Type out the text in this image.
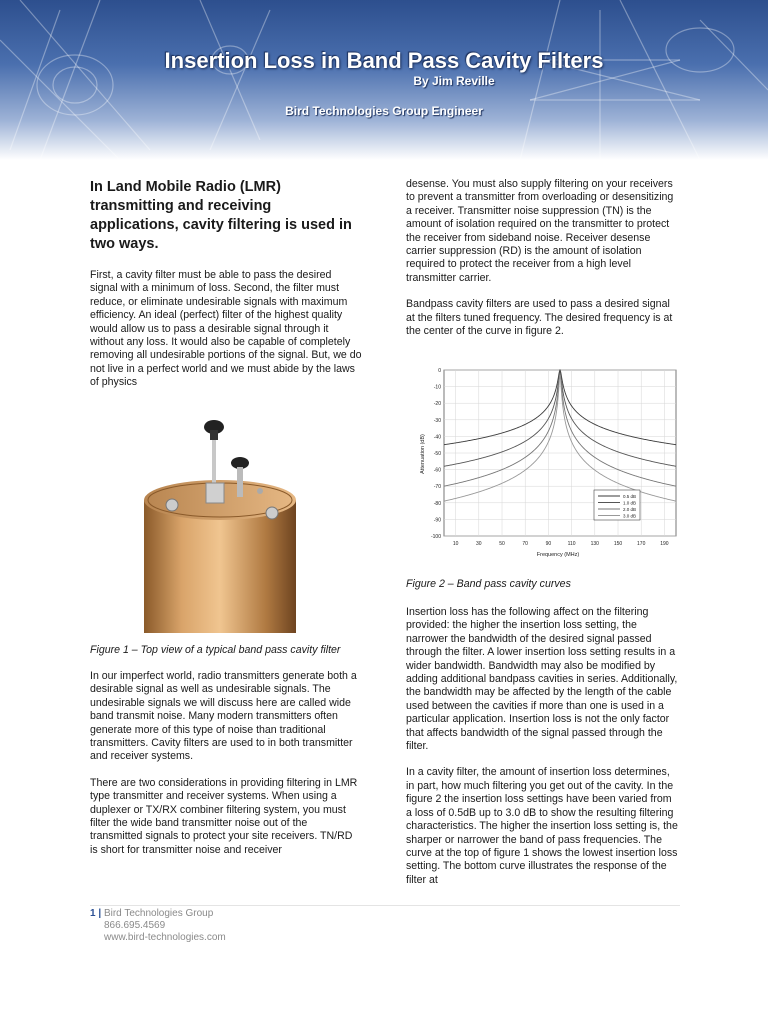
Insertion Loss in Band Pass Cavity Filters
By Jim Reville
Bird Technologies Group Engineer

In Land Mobile Radio (LMR) transmitting and receiving applications, cavity filtering is used in two ways.

First, a cavity filter must be able to pass the desired signal with a minimum of loss. Second, the filter must reduce, or eliminate undesirable signals with maximum efficiency. An ideal (perfect) filter of the highest quality would allow us to pass a desirable signal through it without any loss. It would also be capable of completely removing all undesirable portions of the signal. But, we do not live in a perfect world and we must abide by the laws of physics

Figure 1 – Top view of a typical band pass cavity filter

In our imperfect world, radio transmitters generate both a desirable signal as well as undesirable signals. The undesirable signals we will discuss here are called wide band transmit noise. Many modern transmitters often generate more of this type of noise than traditional transmitters. Cavity filters are used to in both transmitter and receiver systems.

There are two considerations in providing filtering in LMR type transmitter and receiver systems. When using a duplexer or TX/RX combiner filtering system, you must filter the wide band transmitter noise out of the transmitted signals to protect your site receivers. TN/RD is short for transmitter noise and receiver

desense. You must also supply filtering on your receivers to prevent a transmitter from overloading or desensitizing a receiver. Transmitter noise suppression (TN) is the amount of isolation required on the transmitter to protect the receiver from sideband noise. Receiver desense carrier suppression (RD) is the amount of isolation required to protect the receiver from a high level transmitter carrier.

Bandpass cavity filters are used to pass a desired signal at the filters tuned frequency. The desired frequency is at the center of the curve in figure 2.

0
-10
-20
-30
-40
-50
-60
-70
-80
-90
-100
10	30	50	70	90	110	130	150	170	190
Frequency (MHz)
Attenuation (dB)
0.5 dB
1.0 dB
2.0 dB
3.0 dB

Figure 2 – Band pass cavity curves

Insertion loss has the following affect on the filtering provided: the higher the insertion loss setting, the narrower the bandwidth of the desired signal passed through the filter. A lower insertion loss setting results in a wider bandwidth. Bandwidth may also be modified by adding additional bandpass cavities in series. Additionally, the bandwidth may be affected by the length of the cable used between the cavities if more than one is used in a particular application. Insertion loss is not the only factor that affects bandwidth of the signal passed through the filter.

In a cavity filter, the amount of insertion loss determines, in part, how much filtering you get out of the cavity. In the figure 2 the insertion loss settings have been varied from a loss of 0.5dB up to 3.0 dB to show the resulting filtering characteristics. The higher the insertion loss setting is, the sharper or narrower the band of pass frequencies. The curve at the top of figure 1 shows the lowest insertion loss setting. The bottom curve illustrates the response of the filter at

1 | Bird Technologies Group
866.695.4569
www.bird-technologies.com
